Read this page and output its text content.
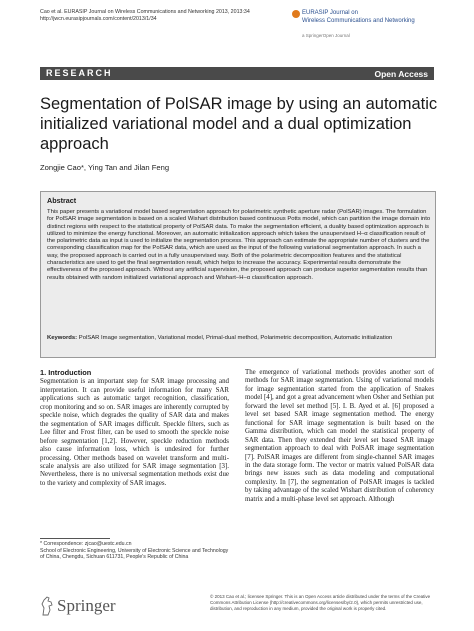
Cao et al. EURASIP Journal on Wireless Communications and Networking 2013, 2013:34
http://jwcn.eurasipjournals.com/content/2013/1/34
EURASIP Journal on
Wireless Communications and Networking
a SpringerOpen Journal
RESEARCH	Open Access
Segmentation of PolSAR image by using an automatic initialized variational model and a dual optimization approach
Zongjie Cao*, Ying Tan and Jilan Feng
Abstract
This paper presents a variational model based segmentation approach for polarimetric synthetic aperture radar (PolSAR) images. The formulation for PolSAR image segmentation is based on a scaled Wishart distribution based continuous Potts model, which can partition the image domain into distinct regions with respect to the statistical property of PolSAR data. To make the segmentation efficient, a duality based optimization approach is utilized to minimize the energy functional. Moreover, an automatic initialization approach which takes the unsupervised H–α classification result of the polarimetric data as input is used to initialize the segmentation process. This approach can estimate the appropriate number of clusters and the corresponding classification map for the PolSAR data, which are used as the input of the following variational segmentation approach. In such a way, the proposed approach is carried out in a fully unsupervised way. Both of the polarimetric decomposition features and the statistical characteristics are used to get the final segmentation result, which helps to increase the accuracy. Experimental results demonstrate the effectiveness of the proposed approach. Without any artificial supervision, the proposed approach can produce superior segmentation results than results obtained with random initialized variational approach and Wishart–H–α classification approach.
Keywords: PolSAR Image segmentation, Variational model, Primal-dual method, Polarimetric decomposition, Automatic initialization
1. Introduction
Segmentation is an important step for SAR image processing and interpretation. It can provide useful information for many SAR applications such as automatic target recognition, classification, crop monitoring and so on. SAR images are inherently corrupted by speckle noise, which degrades the quality of SAR data and makes the segmentation of SAR images difficult. Speckle filters, such as Lee filter and Frost filter, can be used to smooth the speckle noise before segmentation [1,2]. However, speckle reduction methods also cause information loss, which is undesired for further processing. Other methods based on wavelet transform and multi-scale analysis are also utilized for SAR image segmentation [3]. Nevertheless, there is no universal segmentation methods exist due to the variety and complexity of SAR images.
The emergence of variational methods provides another sort of methods for SAR image segmentation. Using of variational models for image segmentation started from the application of Snakes model [4], and got a great advancement when Osher and Sethian put forward the level set method [5]. I. B. Ayed et al. [6] proposed a level set based SAR image segmentation method. The energy functional for SAR image segmentation is built based on the Gamma distribution, which can model the statistical property of SAR data. Then they extended their level set based SAR image segmentation approach to deal with PolSAR image segmentation [7]. PolSAR images are different from single-channel SAR images in the data storage form. The vector or matrix valued PolSAR data brings new issues such as data modeling and computational complexity. In [7], the segmentation of PolSAR images is tackled by taking advantage of the scaled Wishart distribution of coherency matrix and a multi-phase level set approach. Although
* Correspondence: zjcao@uestc.edu.cn
School of Electronic Engineering, University of Electronic Science and Technology of China, Chengdu, Sichuan 611731, People's Republic of China
Springer	© 2013 Cao et al.; licensee Springer. This is an Open Access article distributed under the terms of the Creative Commons Attribution License (http://creativecommons.org/licenses/by/2.0), which permits unrestricted use, distribution, and reproduction in any medium, provided the original work is properly cited.
